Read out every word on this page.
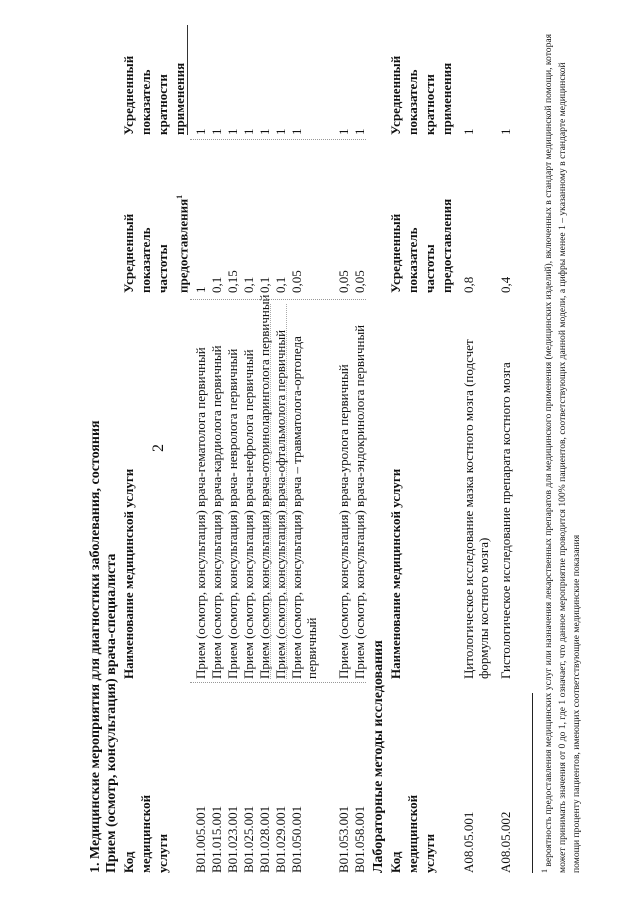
2
1. Медицинские мероприятия для диагностики заболевания, состояния Прием (осмотр, консультация) врача-специалиста Код медицинской услуги
Наименование медицинской услуги
Усредненный показатель частоты предоставления$^1$
Усредненный показатель кратности применения
B01.005.001
Прием (осмотр, консультация) врача-гематолога первичный
1
1
B01.015.001
Прием (осмотр, консультация) врача-кардиолога первичный
0,1
1
B01.023.001
Прием (осмотр, консультация) врача- невролога первичный
0,15
1
B01.025.001
Прием (осмотр, консультация) врача-нефролога первичный
0,1
1
B01.028.001
Прием (осмотр, консультация) врача-оториноларинголога первичный
0,1
1
B01.029.001
Прием (осмотр, консультация) врача-офтальмолога первичный
0,1
1
B01.050.001
Прием (осмотр, консультация) врача – травматолога-ортопеда первичный
0,05
1
B01.053.001
Прием (осмотр, консультация) врача-уролога первичный
0,05
1
B01.058.001
Прием (осмотр, консультация) врача-эндокринолога первичный
0,05
1
Лабораторные методы исследования Код медицинской услуги
Наименование медицинской услуги
Усредненный показатель частоты предоставления
Усредненный показатель кратности применения
A08.05.001
Цитологическое исследование мазка костного мозга (подсчет формулы костного мозга)
0,8
1
A08.05.002
Гистологическое исследование препарата костного мозга
0,4
1
$^1$ вероятность предоставления медицинских услуг или назначения лекарственных препаратов для медицинского применения (медицинских изделий), включенных в стандарт медицинской помощи, которая может принимать значения от 0 до 1, где 1 означает, что данное мероприятие проводится 100% пациентов, соответствующих данной модели, а цифры менее 1 – указанному в стандарте медицинской помощи проценту пациентов, имеющих соответствующие медицинские показания
